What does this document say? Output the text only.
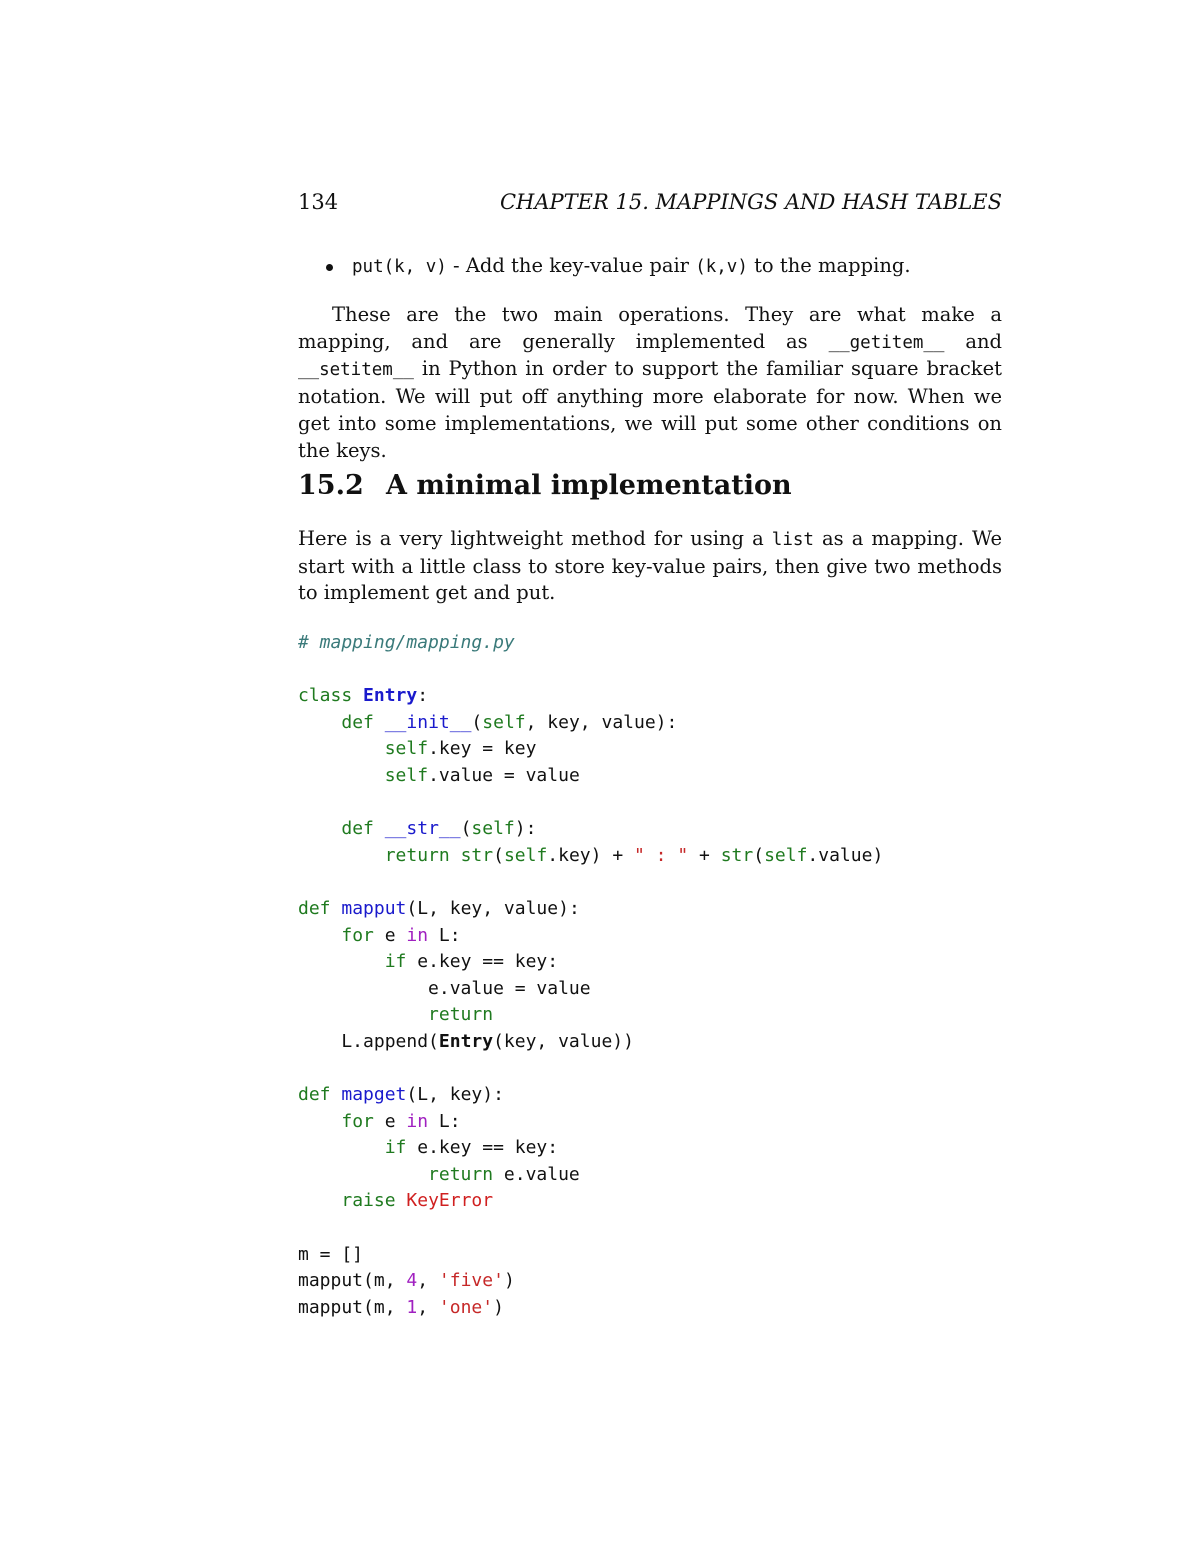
134	CHAPTER 15. MAPPINGS AND HASH TABLES
put(k, v) - Add the key-value pair (k,v) to the mapping.
These are the two main operations. They are what make a mapping, and are generally implemented as __getitem__ and __setitem__ in Python in order to support the familiar square bracket notation. We will put off anything more elaborate for now. When we get into some implementations, we will put some other conditions on the keys.
15.2 A minimal implementation
Here is a very lightweight method for using a list as a mapping. We start with a little class to store key-value pairs, then give two methods to implement get and put.
# mapping/mapping.py

class Entry:
def __init__(self, key, value):
self.key = key
self.value = value

def __str__(self):
return str(self.key) + " : " + str(self.value)

def mapput(L, key, value):
for e in L:
if e.key == key:
e.value = value
return
L.append(Entry(key, value))

def mapget(L, key):
for e in L:
if e.key == key:
return e.value
raise KeyError

m = []
mapput(m, 4, 'five')
mapput(m, 1, 'one')
